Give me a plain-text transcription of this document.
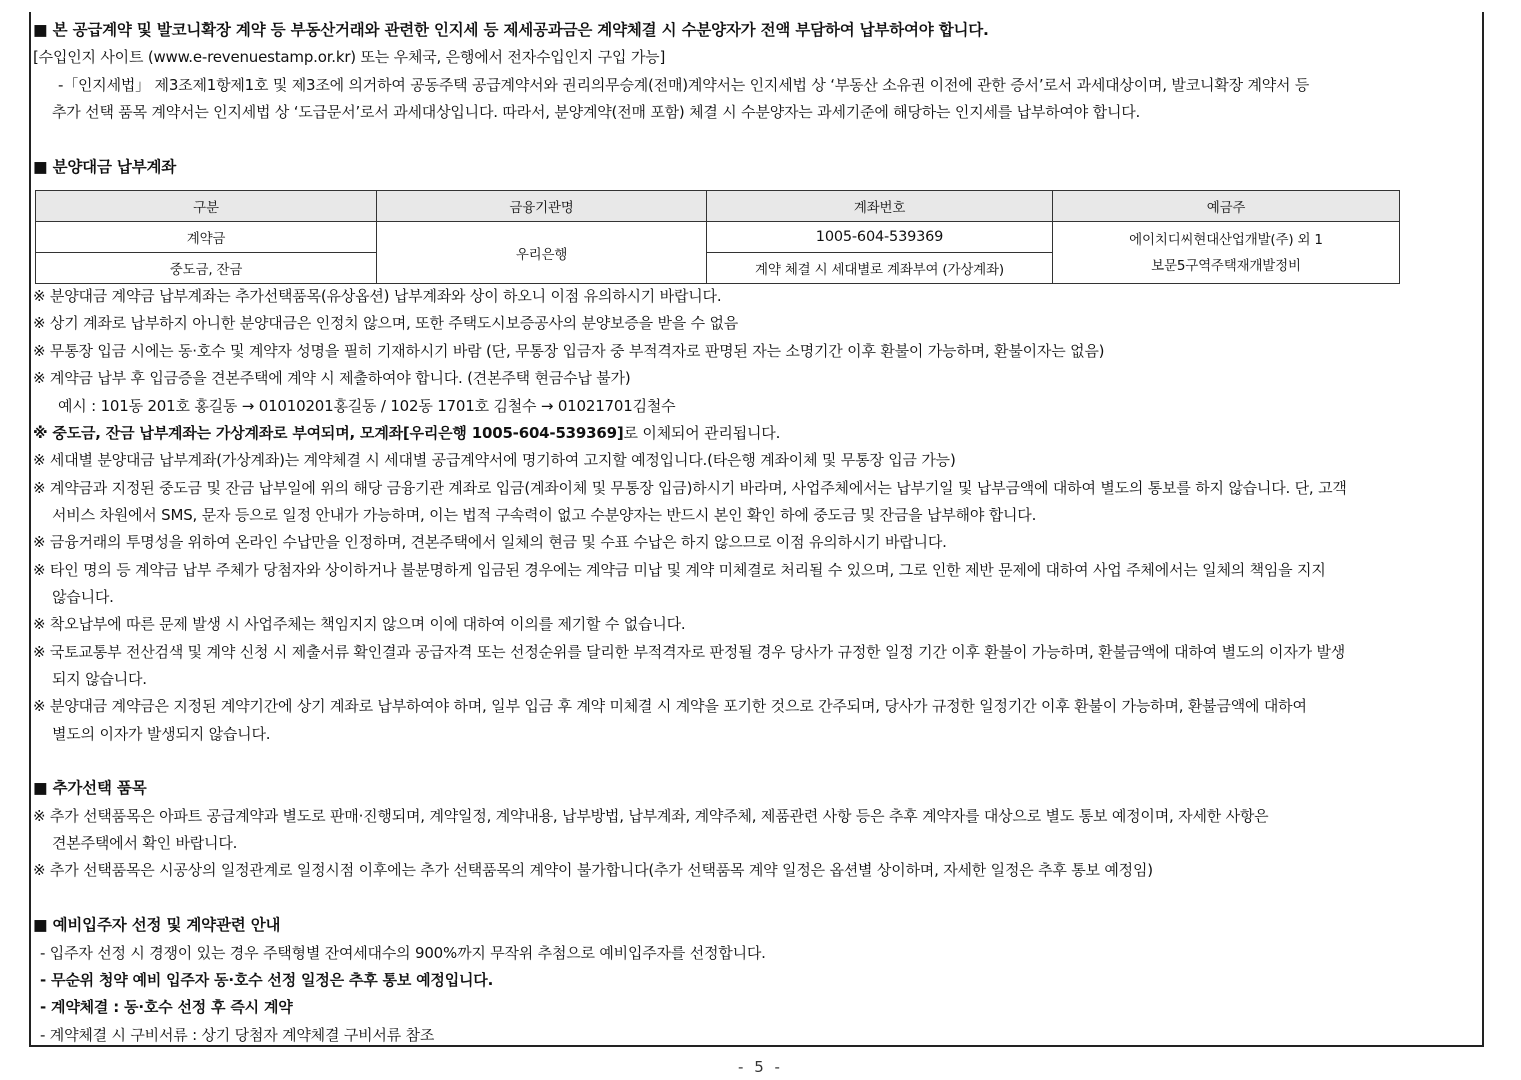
■ 본 공급계약 및 발코니확장 계약 등 부동산거래와 관련한 인지세 등 제세공과금은 계약체결 시 수분양자가 전액 부담하여 납부하여야 합니다.
[수입인지 사이트 (www.e-revenuestamp.or.kr) 또는 우체국, 은행에서 전자수입인지 구입 가능]
-「인지세법」 제3조제1항제1호 및 제3조에 의거하여 공동주택 공급계약서와 권리의무승계(전매)계약서는 인지세법 상 ‘부동산 소유권 이전에 관한 증서’로서 과세대상이며, 발코니확장 계약서 등
추가 선택 품목 계약서는 인지세법 상 ‘도급문서’로서 과세대상입니다. 따라서, 분양계약(전매 포함) 체결 시 수분양자는 과세기준에 해당하는 인지세를 납부하여야 합니다.
■ 분양대금 납부계좌
구분	금융기관명	계좌번호	예금주
계약금	우리은행	1005-604-539369	에이치디씨현대산업개발(주) 외 1
보문5구역주택재개발정비

중도금, 잔금		계약 체결 시 세대별로 계좌부여 (가상계좌)	
※ 분양대금 계약금 납부계좌는 추가선택품목(유상옵션) 납부계좌와 상이 하오니 이점 유의하시기 바랍니다.
※ 상기 계좌로 납부하지 아니한 분양대금은 인정치 않으며, 또한 주택도시보증공사의 분양보증을 받을 수 없음
※ 무통장 입금 시에는 동·호수 및 계약자 성명을 필히 기재하시기 바람 (단, 무통장 입금자 중 부적격자로 판명된 자는 소명기간 이후 환불이 가능하며, 환불이자는 없음)
※ 계약금 납부 후 입금증을 견본주택에 계약 시 제출하여야 합니다. (견본주택 현금수납 불가)
예시 : 101동 201호 홍길동 → 01010201홍길동 / 102동 1701호 김철수 → 01021701김철수
※ 중도금, 잔금 납부계좌는 가상계좌로 부여되며, 모계좌[우리은행 1005-604-539369]로 이체되어 관리됩니다.
※ 세대별 분양대금 납부계좌(가상계좌)는 계약체결 시 세대별 공급계약서에 명기하여 고지할 예정입니다.(타은행 계좌이체 및 무통장 입금 가능)
※ 계약금과 지정된 중도금 및 잔금 납부일에 위의 해당 금융기관 계좌로 입금(계좌이체 및 무통장 입금)하시기 바라며, 사업주체에서는 납부기일 및 납부금액에 대하여 별도의 통보를 하지 않습니다. 단, 고객
서비스 차원에서 SMS, 문자 등으로 일정 안내가 가능하며, 이는 법적 구속력이 없고 수분양자는 반드시 본인 확인 하에 중도금 및 잔금을 납부해야 합니다.
※ 금융거래의 투명성을 위하여 온라인 수납만을 인정하며, 견본주택에서 일체의 현금 및 수표 수납은 하지 않으므로 이점 유의하시기 바랍니다.
※ 타인 명의 등 계약금 납부 주체가 당첨자와 상이하거나 불분명하게 입금된 경우에는 계약금 미납 및 계약 미체결로 처리될 수 있으며, 그로 인한 제반 문제에 대하여 사업 주체에서는 일체의 책임을 지지
않습니다.
※ 착오납부에 따른 문제 발생 시 사업주체는 책임지지 않으며 이에 대하여 이의를 제기할 수 없습니다.
※ 국토교통부 전산검색 및 계약 신청 시 제출서류 확인결과 공급자격 또는 선정순위를 달리한 부적격자로 판정될 경우 당사가 규정한 일정 기간 이후 환불이 가능하며, 환불금액에 대하여 별도의 이자가 발생
되지 않습니다.
※ 분양대금 계약금은 지정된 계약기간에 상기 계좌로 납부하여야 하며, 일부 입금 후 계약 미체결 시 계약을 포기한 것으로 간주되며, 당사가 규정한 일정기간 이후 환불이 가능하며, 환불금액에 대하여
별도의 이자가 발생되지 않습니다.
■ 추가선택 품목
※ 추가 선택품목은 아파트 공급계약과 별도로 판매·진행되며, 계약일정, 계약내용, 납부방법, 납부계좌, 계약주체, 제품관련 사항 등은 추후 계약자를 대상으로 별도 통보 예정이며, 자세한 사항은
견본주택에서 확인 바랍니다.
※ 추가 선택품목은 시공상의 일정관계로 일정시점 이후에는 추가 선택품목의 계약이 불가합니다(추가 선택품목 계약 일정은 옵션별 상이하며, 자세한 일정은 추후 통보 예정임)
■ 예비입주자 선정 및 계약관련 안내
- 입주자 선정 시 경쟁이 있는 경우 주택형별 잔여세대수의 900%까지 무작위 추첨으로 예비입주자를 선정합니다.
- 무순위 청약 예비 입주자 동·호수 선정 일정은 추후 통보 예정입니다.
- 계약체결 : 동·호수 선정 후 즉시 계약
- 계약체결 시 구비서류 : 상기 당첨자 계약체결 구비서류 참조
- 5 -
